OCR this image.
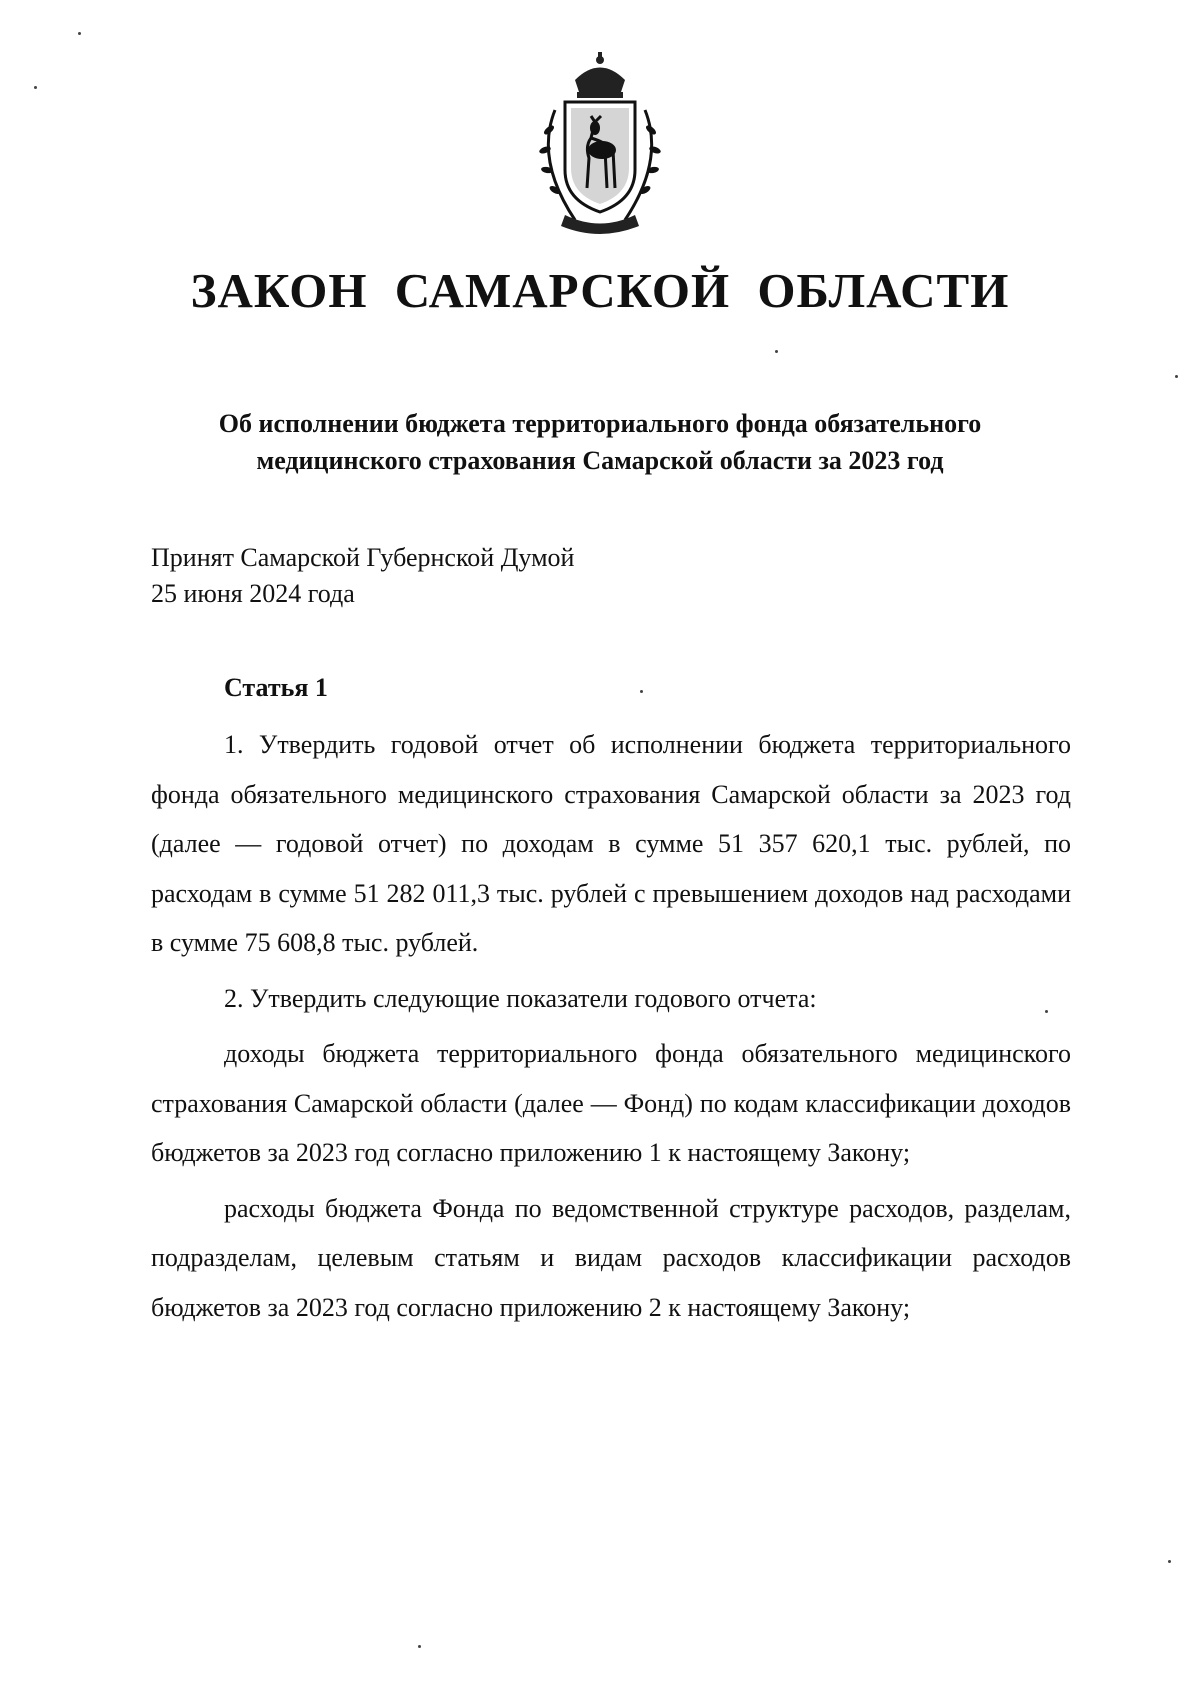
ЗАКОН САМАРСКОЙ ОБЛАСТИ
Об исполнении бюджета территориального фонда обязательного
медицинского страхования Самарской области за 2023 год
Принят Самарской Губернской Думой
25 июня 2024 года
Статья 1

1. Утвердить годовой отчет об исполнении бюджета территориального фонда обязательного медицинского страхования Самарской области за 2023 год (далее — годовой отчет) по доходам в сумме 51 357 620,1 тыс. рублей, по расходам в сумме 51 282 011,3 тыс. рублей с превышением доходов над расходами в сумме 75 608,8 тыс. рублей.

2. Утвердить следующие показатели годового отчета:

доходы бюджета территориального фонда обязательного медицинского страхования Самарской области (далее — Фонд) по кодам классификации доходов бюджетов за 2023 год согласно приложению 1 к настоящему Закону;

расходы бюджета Фонда по ведомственной структуре расходов, разделам, подразделам, целевым статьям и видам расходов классификации расходов бюджетов за 2023 год согласно приложению 2 к настоящему Закону;
